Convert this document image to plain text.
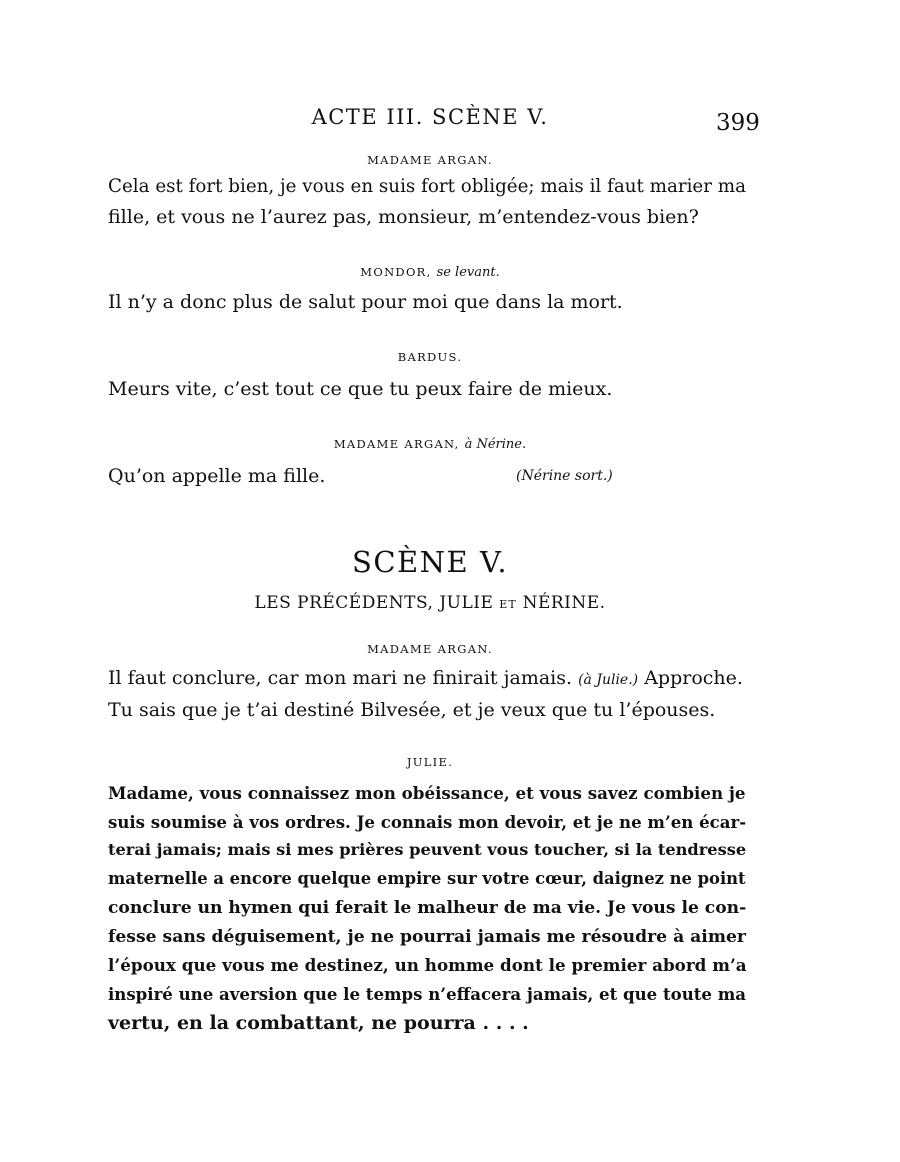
ACTE III. SCÈNE V.	399
MADAME ARGAN.
Cela est fort bien, je vous en suis fort obligée; mais il faut marier ma
fille, et vous ne l’aurez pas, monsieur, m’entendez-vous bien?
MONDOR, se levant.
Il n’y a donc plus de salut pour moi que dans la mort.
BARDUS.
Meurs vite, c’est tout ce que tu peux faire de mieux.
MADAME ARGAN, à Nérine.
Qu’on appelle ma fille.	(Nérine sort.)
SCÈNE V.
LES PRÉCÉDENTS, JULIE ET NÉRINE.
MADAME ARGAN.
Il faut conclure, car mon mari ne finirait jamais. (à Julie.) Approche.
Tu sais que je t’ai destiné Bilvesée, et je veux que tu l’épouses.
JULIE.
Madame, vous connaissez mon obéissance, et vous savez combien je
suis soumise à vos ordres. Je connais mon devoir, et je ne m’en écar-
terai jamais; mais si mes prières peuvent vous toucher, si la tendresse
maternelle a encore quelque empire sur votre cœur, daignez ne point
conclure un hymen qui ferait le malheur de ma vie. Je vous le con-
fesse sans déguisement, je ne pourrai jamais me résoudre à aimer
l’époux que vous me destinez, un homme dont le premier abord m’a
inspiré une aversion que le temps n’effacera jamais, et que toute ma
vertu, en la combattant, ne pourra . . . .
